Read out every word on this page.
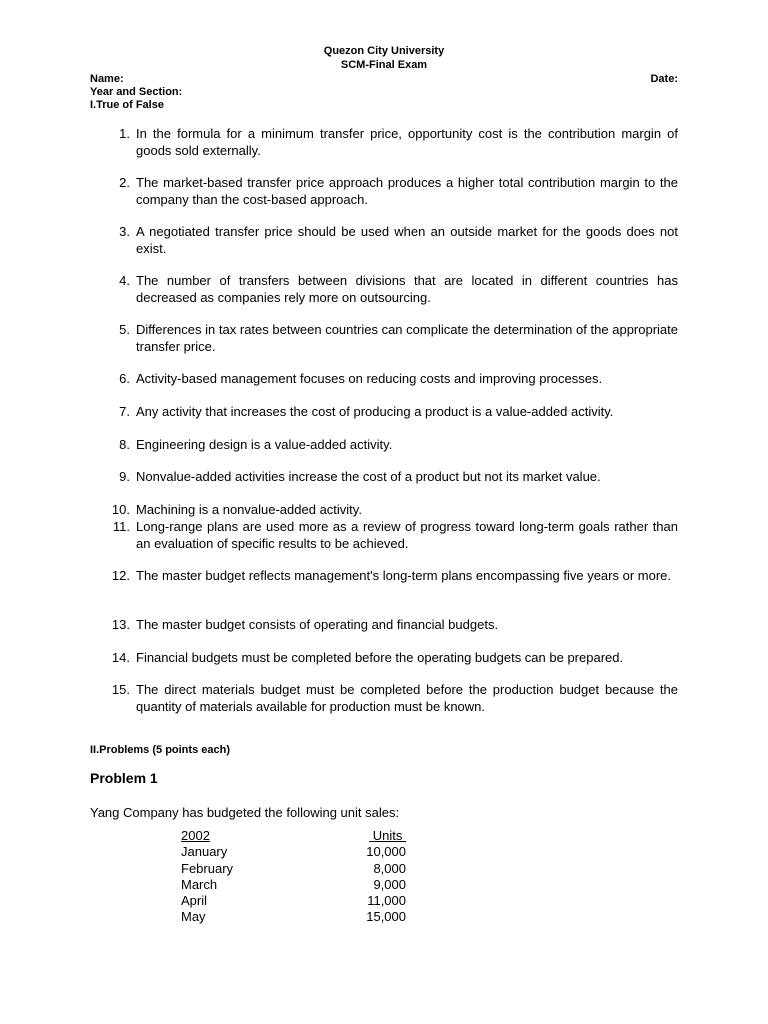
Quezon City University
SCM-Final Exam
Name:	Date:
Year and Section:
I.True of False
1. In the formula for a minimum transfer price, opportunity cost is the contribution margin of goods sold externally.
2. The market-based transfer price approach produces a higher total contribution margin to the company than the cost-based approach.
3. A negotiated transfer price should be used when an outside market for the goods does not exist.
4. The number of transfers between divisions that are located in different countries has decreased as companies rely more on outsourcing.
5. Differences in tax rates between countries can complicate the determination of the appropriate transfer price.
6. Activity-based management focuses on reducing costs and improving processes.
7. Any activity that increases the cost of producing a product is a value-added activity.
8. Engineering design is a value-added activity.
9. Nonvalue-added activities increase the cost of a product but not its market value.
10. Machining is a nonvalue-added activity.
11. Long-range plans are used more as a review of progress toward long-term goals rather than an evaluation of specific results to be achieved.
12. The master budget reflects management's long-term plans encompassing five years or more.
13. The master budget consists of operating and financial budgets.
14. Financial budgets must be completed before the operating budgets can be prepared.
15. The direct materials budget must be completed before the production budget because the quantity of materials available for production must be known.
II.Problems (5 points each)
Problem 1
Yang Company has budgeted the following unit sales:
2002	Units
January	10,000
February	8,000
March	9,000
April	11,000
May	15,000
